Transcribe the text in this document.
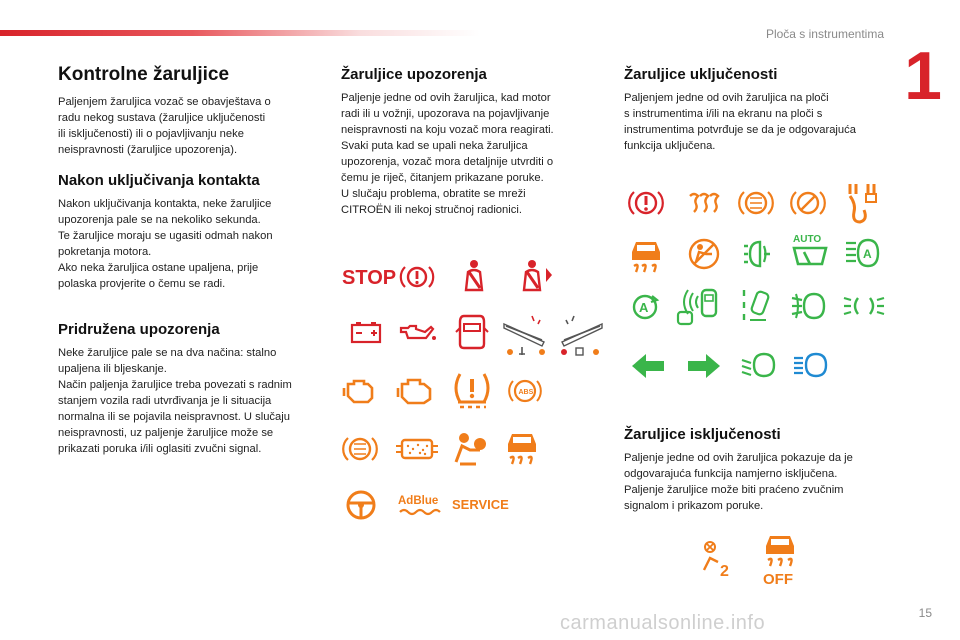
Ploča s instrumentima
1
Kontrolne žaruljice

Paljenjem žaruljica vozač se obavještava o

radu nekog sustava (žaruljice uključenosti

ili isključenosti) ili o pojavljivanju neke

neispravnosti (žaruljice upozorenja).

Nakon uključivanja kontakta

Nakon uključivanja kontakta, neke žaruljice

upozorenja pale se na nekoliko sekunda.

Te žaruljice moraju se ugasiti odmah nakon

pokretanja motora.

Ako neka žaruljica ostane upaljena, prije

polaska provjerite o čemu se radi.

Pridružena upozorenja

Neke žaruljice pale se na dva načina: stalno

upaljena ili bljeskanje.

Način paljenja žaruljice treba povezati s radnim

stanjem vozila radi utvrđivanja je li situacija

normalna ili se pojavila neispravnost. U slučaju

neispravnosti, uz paljenje žaruljice može se

prikazati poruka i/ili oglasiti zvučni signal.

Žaruljice upozorenja

Paljenje jedne od ovih žaruljica, kad motor

radi ili u vožnji, upozorava na pojavljivanje

neispravnosti na koju vozač mora reagirati.

Svaki puta kad se upali neka žaruljica

upozorenja, vozač mora detaljnije utvrditi o

čemu je riječ, čitanjem prikazane poruke.

U slučaju problema, obratite se mreži

CITROËN ili nekoj stručnoj radionici.

STOP
ABS
AdBlue SERVICE
Žaruljice uključenosti

Paljenjem jedne od ovih žaruljica na ploči

s instrumentima i/ili na ekranu na ploči s

instrumentima potvrđuje se da je odgovarajuća

funkcija uključena.

AUTO
A
A
Žaruljice isključenosti

Paljenje jedne od ovih žaruljica pokazuje da je

odgovarajuća funkcija namjerno isključena.

Paljenje žaruljice može biti praćeno zvučnim

signalom i prikazom poruke.

2 OFF
carmanualsonline.info	15
